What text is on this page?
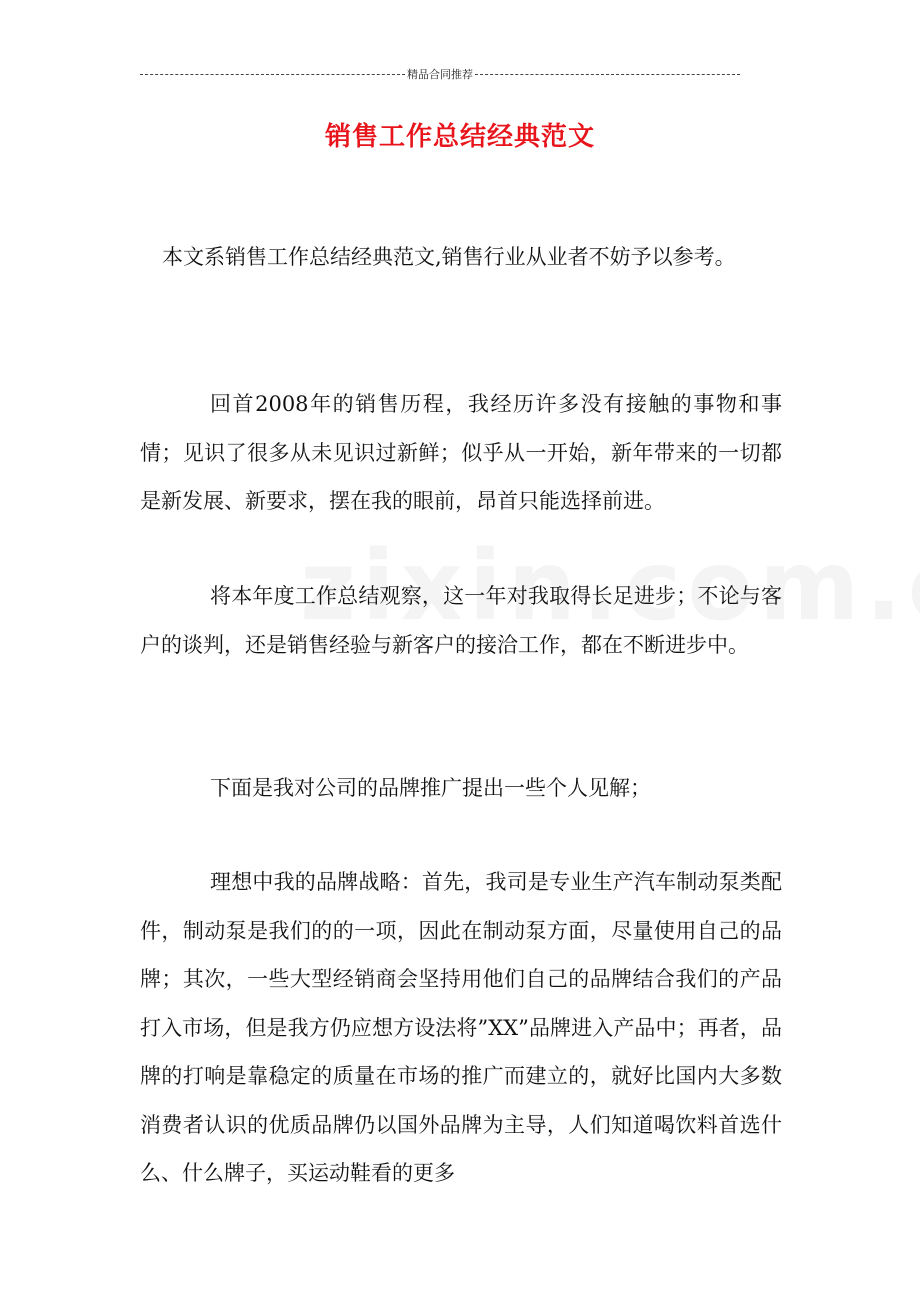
精品合同推荐
销售工作总结经典范文
本文系销售工作总结经典范文,销售行业从业者不妨予以参考。

回首2008年的销售历程，我经历许多没有接触的事物和事情；见识了很多从未见识过新鲜；似乎从一开始，新年带来的一切都是新发展、新要求，摆在我的眼前，昂首只能选择前进。

将本年度工作总结观察，这一年对我取得长足进步；不论与客户的谈判，还是销售经验与新客户的接洽工作，都在不断进步中。

下面是我对公司的品牌推广提出一些个人见解；

理想中我的品牌战略：首先，我司是专业生产汽车制动泵类配件，制动泵是我们的的一项，因此在制动泵方面，尽量使用自己的品牌；其次，一些大型经销商会坚持用他们自己的品牌结合我们的产品打入市场，但是我方仍应想方设法将”XX”品牌进入产品中；再者，品牌的打响是靠稳定的质量在市场的推广而建立的，就好比国内大多数消费者认识的优质品牌仍以国外品牌为主导，人们知道喝饮料首选什么、什么牌子，买运动鞋看的更多
